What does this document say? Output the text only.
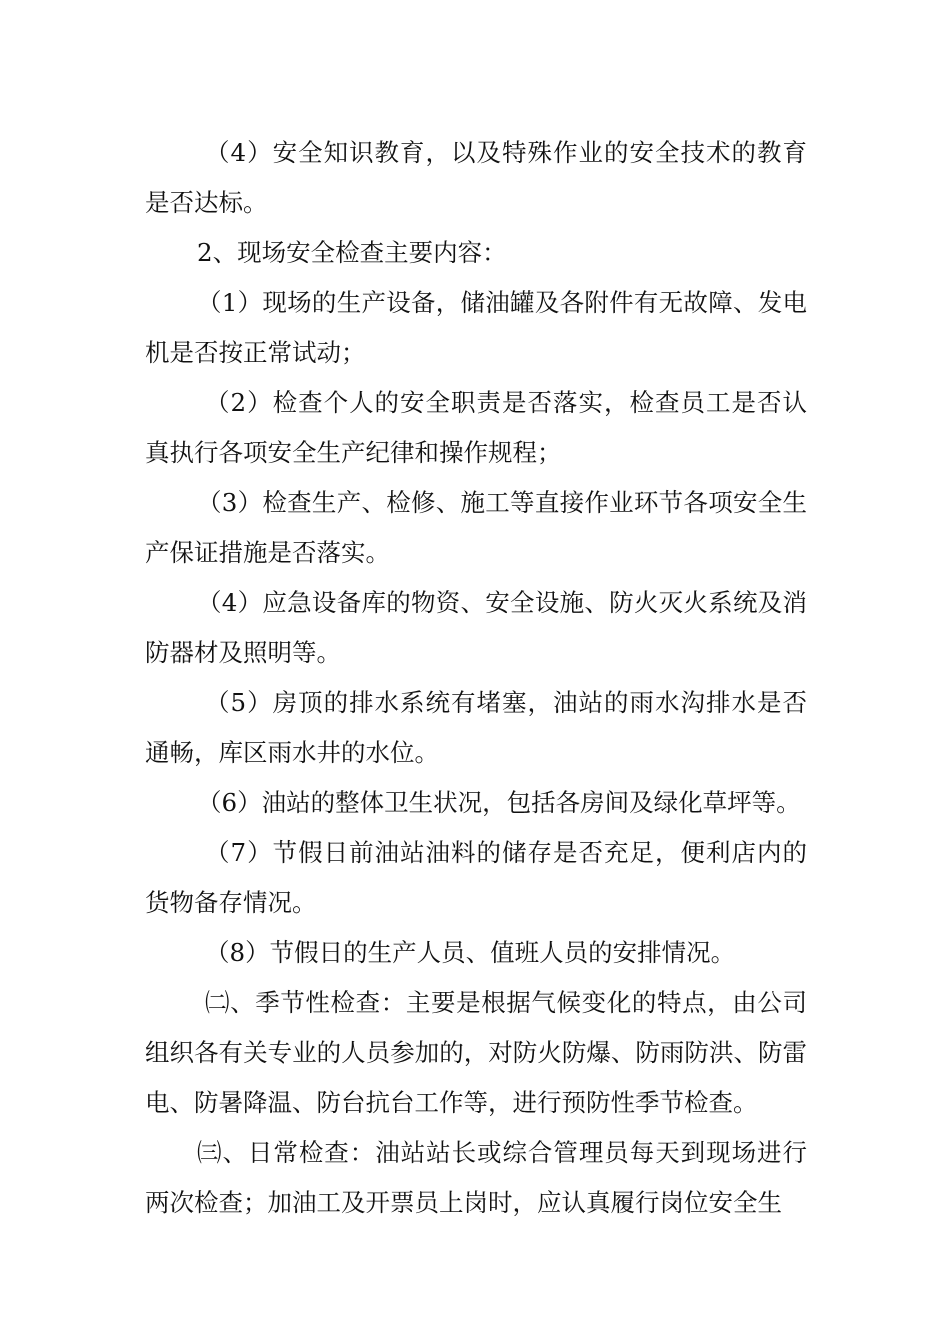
（4）安全知识教育，以及特殊作业的安全技术的教育是否达标。

2、现场安全检查主要内容：

（1）现场的生产设备，储油罐及各附件有无故障、发电机是否按正常试动；

（2）检查个人的安全职责是否落实，检查员工是否认真执行各项安全生产纪律和操作规程；

（3）检查生产、检修、施工等直接作业环节各项安全生产保证措施是否落实。

（4）应急设备库的物资、安全设施、防火灭火系统及消防器材及照明等。

（5）房顶的排水系统有堵塞，油站的雨水沟排水是否通畅，库区雨水井的水位。

（6）油站的整体卫生状况，包括各房间及绿化草坪等。

（7）节假日前油站油料的储存是否充足，便利店内的货物备存情况。

（8）节假日的生产人员、值班人员的安排情况。

㈡、季节性检查：主要是根据气候变化的特点，由公司组织各有关专业的人员参加的，对防火防爆、防雨防洪、防雷电、防暑降温、防台抗台工作等，进行预防性季节检查。

㈢、日常检查：油站站长或综合管理员每天到现场进行两次检查；加油工及开票员上岗时，应认真履行岗位安全生
